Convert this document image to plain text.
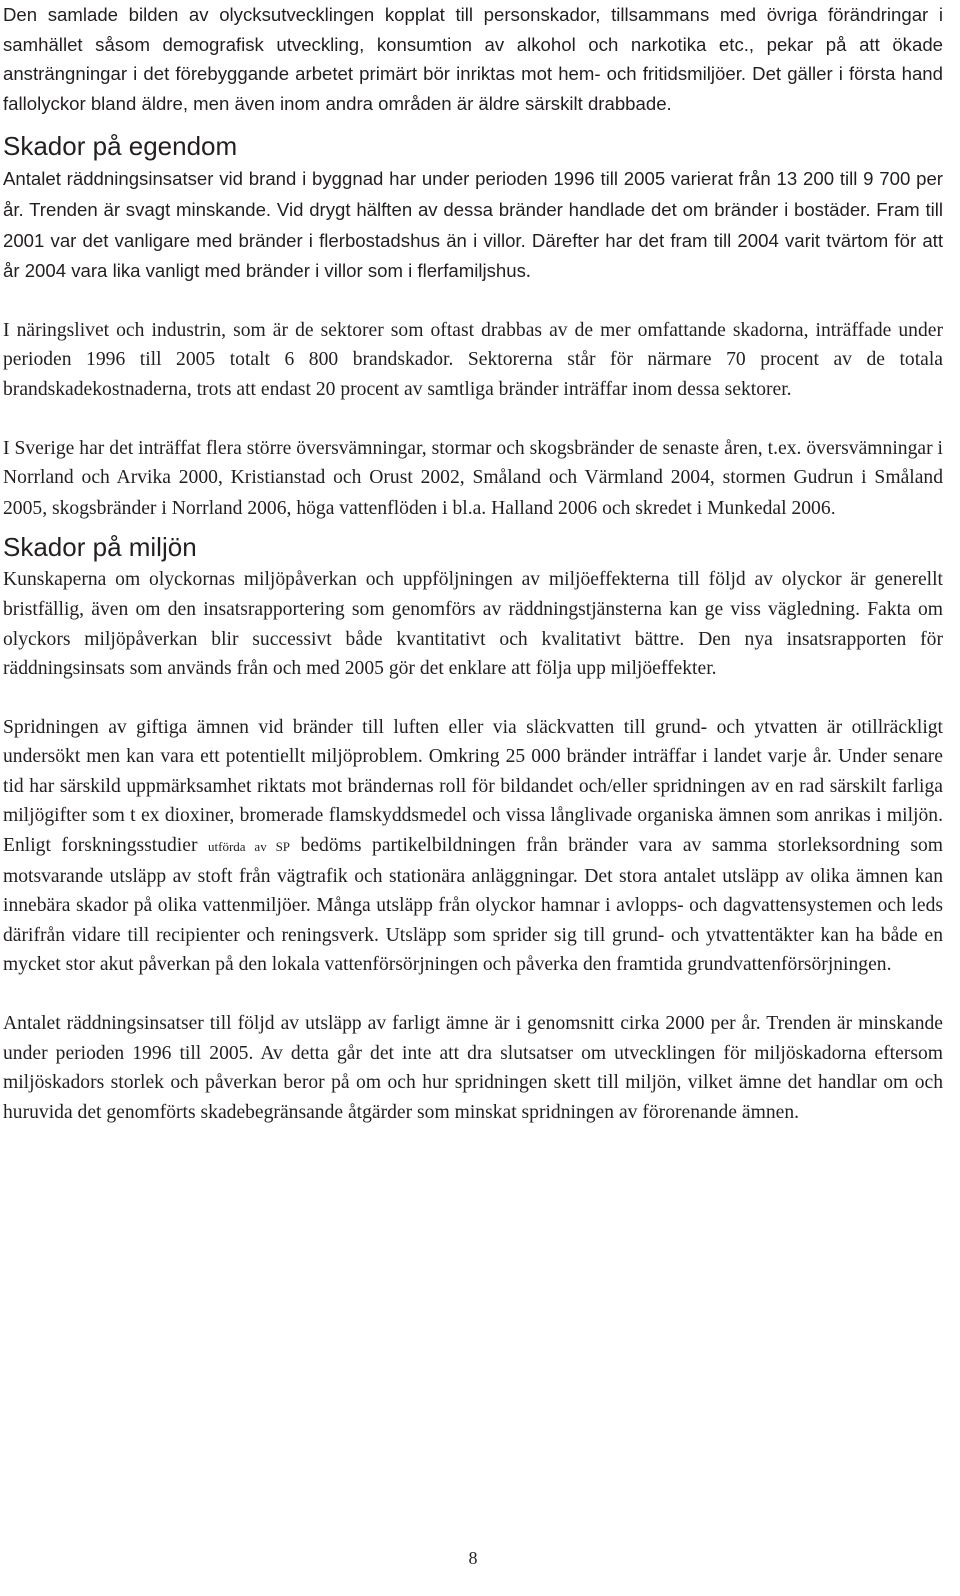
Den samlade bilden av olycksutvecklingen kopplat till personskador, tillsammans med övriga förändringar i samhället såsom demografisk utveckling, konsumtion av alkohol och narkotika etc., pekar på att ökade ansträngningar i det förebyggande arbetet primärt bör inriktas mot hem- och fritidsmiljöer. Det gäller i första hand fallolyckor bland äldre, men även inom andra områden är äldre särskilt drabbade.

Skador på egendom

Antalet räddningsinsatser vid brand i byggnad har under perioden 1996 till 2005 varierat från 13 200 till 9 700 per år. Trenden är svagt minskande. Vid drygt hälften av dessa bränder handlade det om bränder i bostäder. Fram till 2001 var det vanligare med bränder i flerbostadshus än i villor. Därefter har det fram till 2004 varit tvärtom för att år 2004 vara lika vanligt med bränder i villor som i flerfamiljshus.

I näringslivet och industrin, som är de sektorer som oftast drabbas av de mer omfattande skadorna, inträffade under perioden 1996 till 2005 totalt 6 800 brandskador. Sektorerna står för närmare 70 procent av de totala brandskadekostnaderna, trots att endast 20 procent av samtliga bränder inträffar inom dessa sektorer.

I Sverige har det inträffat flera större översvämningar, stormar och skogsbränder de senaste åren, t.ex. översvämningar i Norrland och Arvika 2000, Kristianstad och Orust 2002, Småland och Värmland 2004, stormen Gudrun i Småland 2005, skogsbränder i Norrland 2006, höga vattenflöden i bl.a. Halland 2006 och skredet i Munkedal 2006.

Skador på miljön

Kunskaperna om olyckornas miljöpåverkan och uppföljningen av miljöeffekterna till följd av olyckor är generellt bristfällig, även om den insatsrapportering som genomförs av räddningstjänsterna kan ge viss vägledning. Fakta om olyckors miljöpåverkan blir successivt både kvantitativt och kvalitativt bättre. Den nya insatsrapporten för räddningsinsats som används från och med 2005 gör det enklare att följa upp miljöeffekter.

Spridningen av giftiga ämnen vid bränder till luften eller via släckvatten till grund- och ytvatten är otillräckligt undersökt men kan vara ett potentiellt miljöproblem. Omkring 25 000 bränder inträffar i landet varje år. Under senare tid har särskild uppmärksamhet riktats mot brändernas roll för bildandet och/eller spridningen av en rad särskilt farliga miljögifter som t ex dioxiner, bromerade flamskyddsmedel och vissa långlivade organiska ämnen som anrikas i miljön. Enligt forskningsstudier utförda av SP bedöms partikelbildningen från bränder vara av samma storleksordning som motsvarande utsläpp av stoft från vägtrafik och stationära anläggningar. Det stora antalet utsläpp av olika ämnen kan innebära skador på olika vattenmiljöer. Många utsläpp från olyckor hamnar i avlopps- och dagvattensystemen och leds därifrån vidare till recipienter och reningsverk. Utsläpp som sprider sig till grund- och ytvattentäkter kan ha både en mycket stor akut påverkan på den lokala vattenförsörjningen och påverka den framtida grundvattenförsörjningen.

Antalet räddningsinsatser till följd av utsläpp av farligt ämne är i genomsnitt cirka 2000 per år. Trenden är minskande under perioden 1996 till 2005. Av detta går det inte att dra slutsatser om utvecklingen för miljöskadorna eftersom miljöskadors storlek och påverkan beror på om och hur spridningen skett till miljön, vilket ämne det handlar om och huruvida det genomförts skadebegränsande åtgärder som minskat spridningen av förorenande ämnen.

8
